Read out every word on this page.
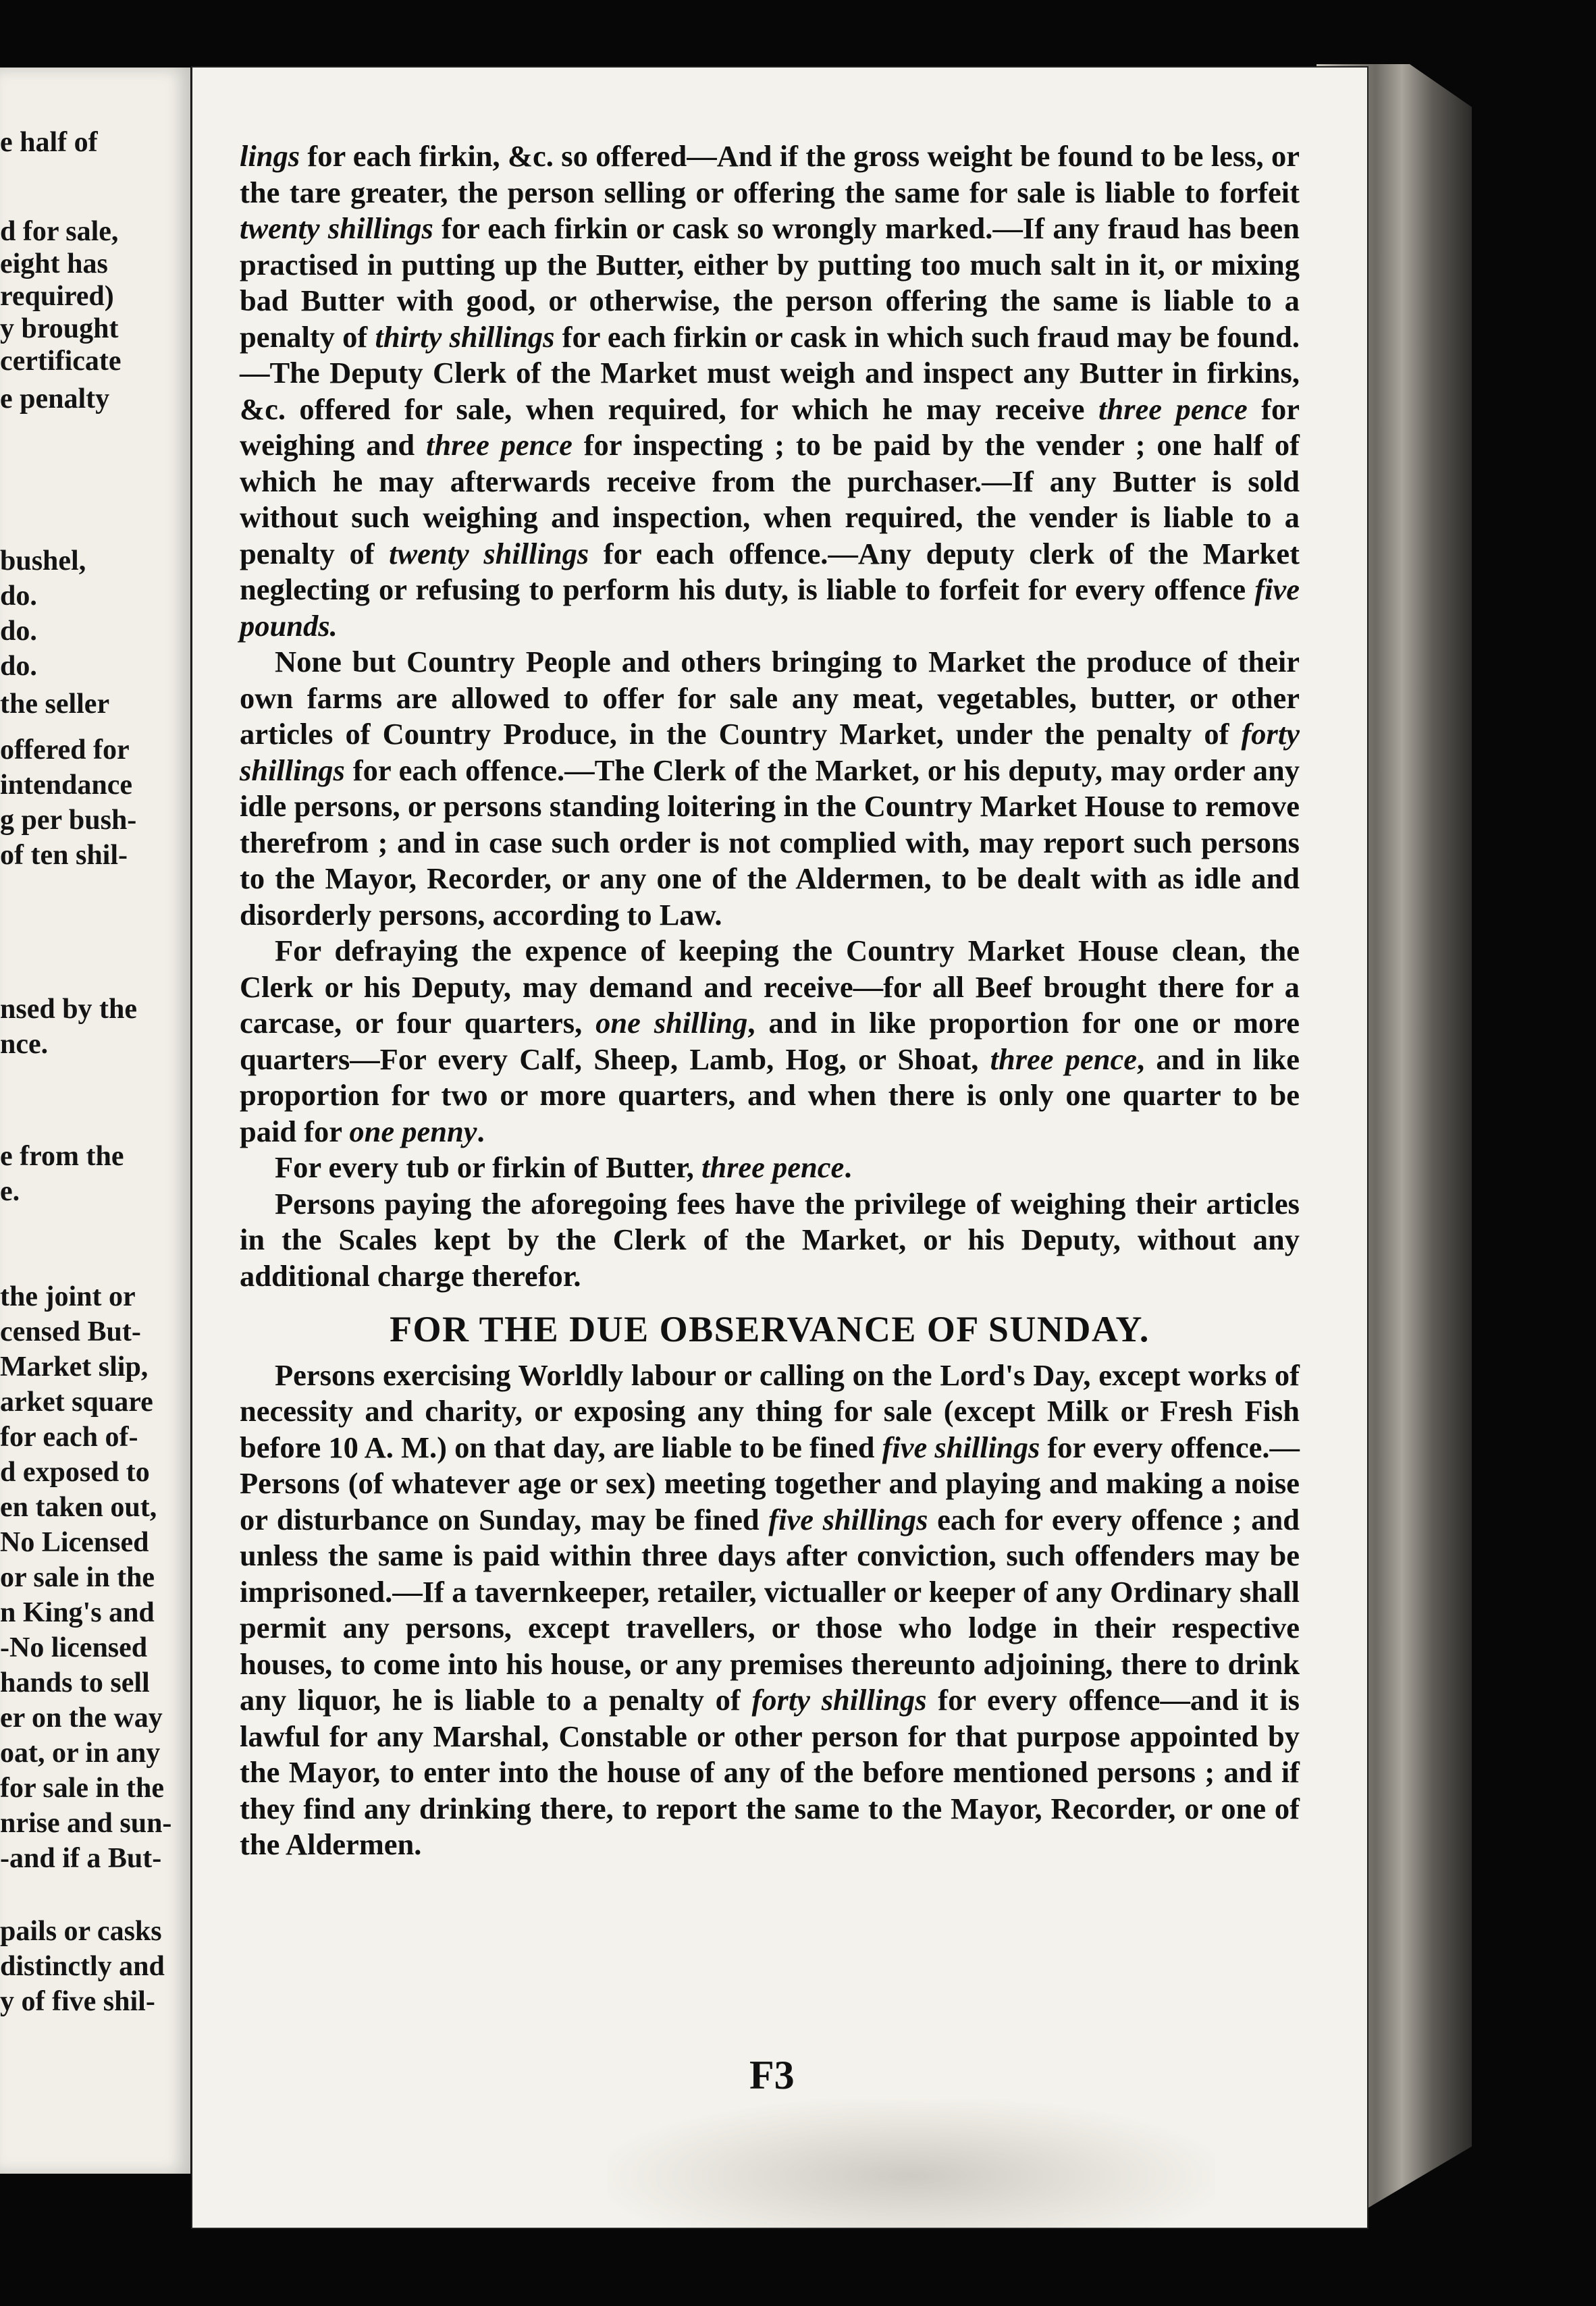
e half of
d for sale,
eight has
required)
y brought
certificate
e penalty
bushel,
do.
do.
do.
the seller
offered for
intendance
g per bush-
of ten shil-
nsed by the
nce.
e from the
e.
the joint or
censed But-
Market slip,
arket square
for each of-
d exposed to
en taken out,
No Licensed
or sale in the
n King's and
-No licensed
hands to sell
er on the way
oat, or in any
for sale in the
nrise and sun-
-and if a But-
pails or casks
distinctly and
y of five shil-

lings for each firkin, &c. so offered—And if the gross weight be found to be less, or the tare greater, the person selling or offering the same for sale is liable to forfeit twenty shillings for each firkin or cask so wrongly marked.—If any fraud has been practised in putting up the Butter, either by putting too much salt in it, or mixing bad Butter with good, or otherwise, the person offering the same is liable to a penalty of thirty shillings for each firkin or cask in which such fraud may be found.—The Deputy Clerk of the Market must weigh and inspect any Butter in firkins, &c. offered for sale, when required, for which he may receive three pence for weighing and three pence for inspecting ; to be paid by the vender ; one half of which he may afterwards receive from the purchaser.—If any Butter is sold without such weighing and inspection, when required, the vender is liable to a penalty of twenty shillings for each offence.—Any deputy clerk of the Market neglecting or refusing to perform his duty, is liable to forfeit for every offence five pounds.

None but Country People and others bringing to Market the produce of their own farms are allowed to offer for sale any meat, vegetables, butter, or other articles of Country Produce, in the Country Market, under the penalty of forty shillings for each offence.—The Clerk of the Market, or his deputy, may order any idle persons, or persons standing loitering in the Country Market House to remove therefrom ; and in case such order is not complied with, may report such persons to the Mayor, Recorder, or any one of the Aldermen, to be dealt with as idle and disorderly persons, according to Law.

For defraying the expence of keeping the Country Market House clean, the Clerk or his Deputy, may demand and receive—for all Beef brought there for a carcase, or four quarters, one shilling, and in like proportion for one or more quarters—For every Calf, Sheep, Lamb, Hog, or Shoat, three pence, and in like proportion for two or more quarters, and when there is only one quarter to be paid for one penny.

For every tub or firkin of Butter, three pence.

Persons paying the aforegoing fees have the privilege of weighing their articles in the Scales kept by the Clerk of the Market, or his Deputy, without any additional charge therefor.

FOR THE DUE OBSERVANCE OF SUNDAY.

Persons exercising Worldly labour or calling on the Lord's Day, except works of necessity and charity, or exposing any thing for sale (except Milk or Fresh Fish before 10 A. M.) on that day, are liable to be fined five shillings for every offence.—Persons (of whatever age or sex) meeting together and playing and making a noise or disturbance on Sunday, may be fined five shillings each for every offence ; and unless the same is paid within three days after conviction, such offenders may be imprisoned.—If a tavernkeeper, retailer, victualler or keeper of any Ordinary shall permit any persons, except travellers, or those who lodge in their respective houses, to come into his house, or any premises thereunto adjoining, there to drink any liquor, he is liable to a penalty of forty shillings for every offence—and it is lawful for any Marshal, Constable or other person for that purpose appointed by the Mayor, to enter into the house of any of the before mentioned persons ; and if they find any drinking there, to report the same to the Mayor, Recorder, or one of the Aldermen.

F3
